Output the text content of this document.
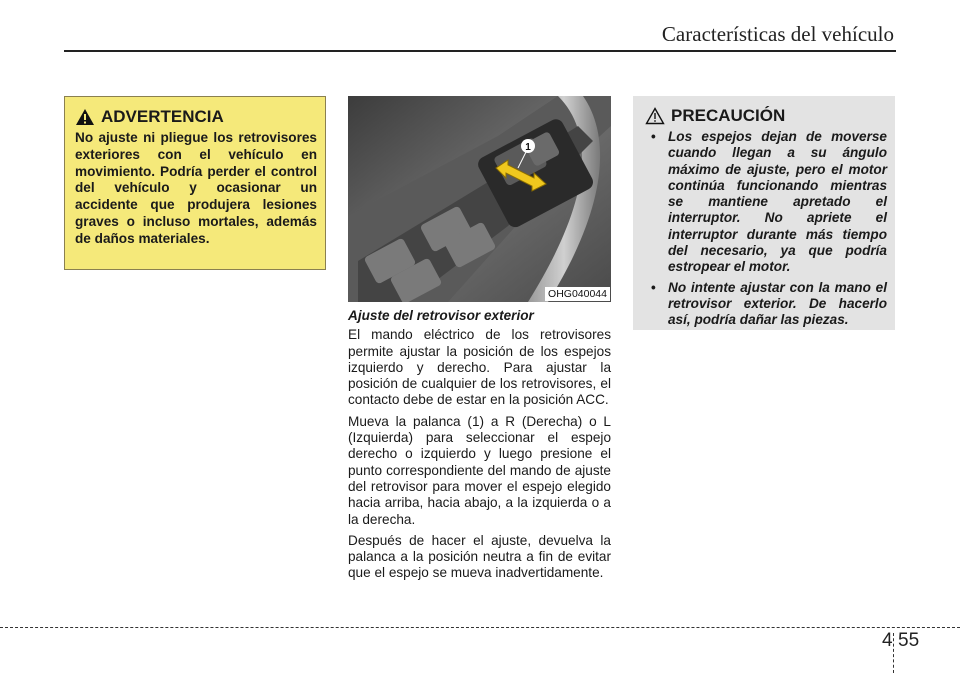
Características del vehículo
ADVERTENCIA

No ajuste ni pliegue los retrovisores exteriores con el vehículo en movimiento. Podría perder el control del vehículo y ocasionar un accidente que produjera lesiones graves o incluso mortales, además de daños materiales.

1
OHG040044
Ajuste del retrovisor exterior

El mando eléctrico de los retrovisores permite ajustar la posición de los espejos izquierdo y derecho. Para ajustar la posición de cualquier de los retrovisores, el contacto debe de estar en la posición ACC.

Mueva la palanca (1) a R (Derecha) o L (Izquierda) para seleccionar el espejo derecho o izquierdo y luego presione el punto correspondiente del mando de ajuste del retrovisor para mover el espejo elegido hacia arriba, hacia abajo, a la izquierda o a la derecha.

Después de hacer el ajuste, devuelva la palanca a la posición neutra a fin de evitar que el espejo se mueva inadvertidamente.

PRECAUCIÓN
• Los espejos dejan de moverse cuando llegan a su ángulo máximo de ajuste, pero el motor continúa funcionando mientras se mantiene apretado el interruptor. No apriete el interruptor durante más tiempo del necesario, ya que podría estropear el motor.
• No intente ajustar con la mano el retrovisor exterior. De hacerlo así, podría dañar las piezas.
4 55
